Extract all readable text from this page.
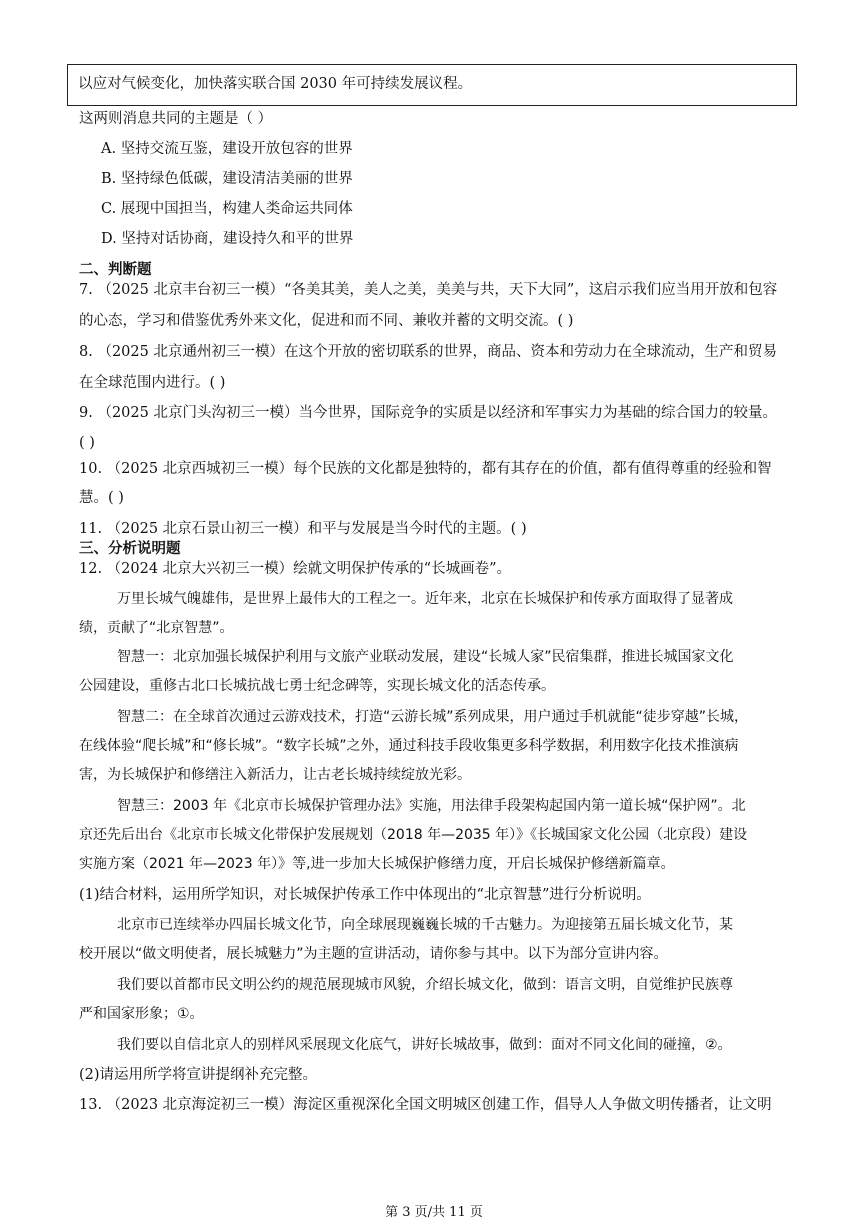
以应对气候变化，加快落实联合国 2030 年可持续发展议程。
这两则消息共同的主题是（ ）
A. 坚持交流互鉴，建设开放包容的世界
B. 坚持绿色低碳，建设清洁美丽的世界
C. 展现中国担当，构建人类命运共同体
D. 坚持对话协商，建设持久和平的世界
二、判断题
7. （2025 北京丰台初三一模）“各美其美，美人之美，美美与共，天下大同”，这启示我们应当用开放和包容
的心态，学习和借鉴优秀外来文化，促进和而不同、兼收并蓄的文明交流。( )
8. （2025 北京通州初三一模）在这个开放的密切联系的世界，商品、资本和劳动力在全球流动，生产和贸易
在全球范围内进行。( )
9. （2025 北京门头沟初三一模）当今世界，国际竞争的实质是以经济和军事实力为基础的综合国力的较量。
( )
10. （2025 北京西城初三一模）每个民族的文化都是独特的，都有其存在的价值，都有值得尊重的经验和智
慧。( )
11. （2025 北京石景山初三一模）和平与发展是当今时代的主题。( )
三、分析说明题
12. （2024 北京大兴初三一模）绘就文明保护传承的“长城画卷”。
万里长城气魄雄伟，是世界上最伟大的工程之一。近年来，北京在长城保护和传承方面取得了显著成
绩，贡献了“北京智慧”。
智慧一：北京加强长城保护利用与文旅产业联动发展，建设“长城人家”民宿集群，推进长城国家文化
公园建设，重修古北口长城抗战七勇士纪念碑等，实现长城文化的活态传承。
智慧二：在全球首次通过云游戏技术，打造“云游长城”系列成果，用户通过手机就能“徒步穿越”长城，
在线体验“爬长城”和“修长城”。“数字长城”之外，通过科技手段收集更多科学数据，利用数字化技术推演病
害，为长城保护和修缮注入新活力，让古老长城持续绽放光彩。
智慧三：2003 年《北京市长城保护管理办法》实施，用法律手段架构起国内第一道长城“保护网”。北
京还先后出台《北京市长城文化带保护发展规划（2018 年—2035 年）》《长城国家文化公园（北京段）建设
实施方案（2021 年—2023 年）》等,进一步加大长城保护修缮力度，开启长城保护修缮新篇章。
(1)结合材料，运用所学知识，对长城保护传承工作中体现出的“北京智慧”进行分析说明。
北京市已连续举办四届长城文化节，向全球展现巍巍长城的千古魅力。为迎接第五届长城文化节，某
校开展以“做文明使者，展长城魅力”为主题的宣讲活动，请你参与其中。以下为部分宣讲内容。
我们要以首都市民文明公约的规范展现城市风貌，介绍长城文化，做到：语言文明，自觉维护民族尊
严和国家形象；①。
我们要以自信北京人的别样风采展现文化底气，讲好长城故事，做到：面对不同文化间的碰撞，②。
(2)请运用所学将宣讲提纲补充完整。
13. （2023 北京海淀初三一模）海淀区重视深化全国文明城区创建工作，倡导人人争做文明传播者，让文明
第 3 页/共 11 页
